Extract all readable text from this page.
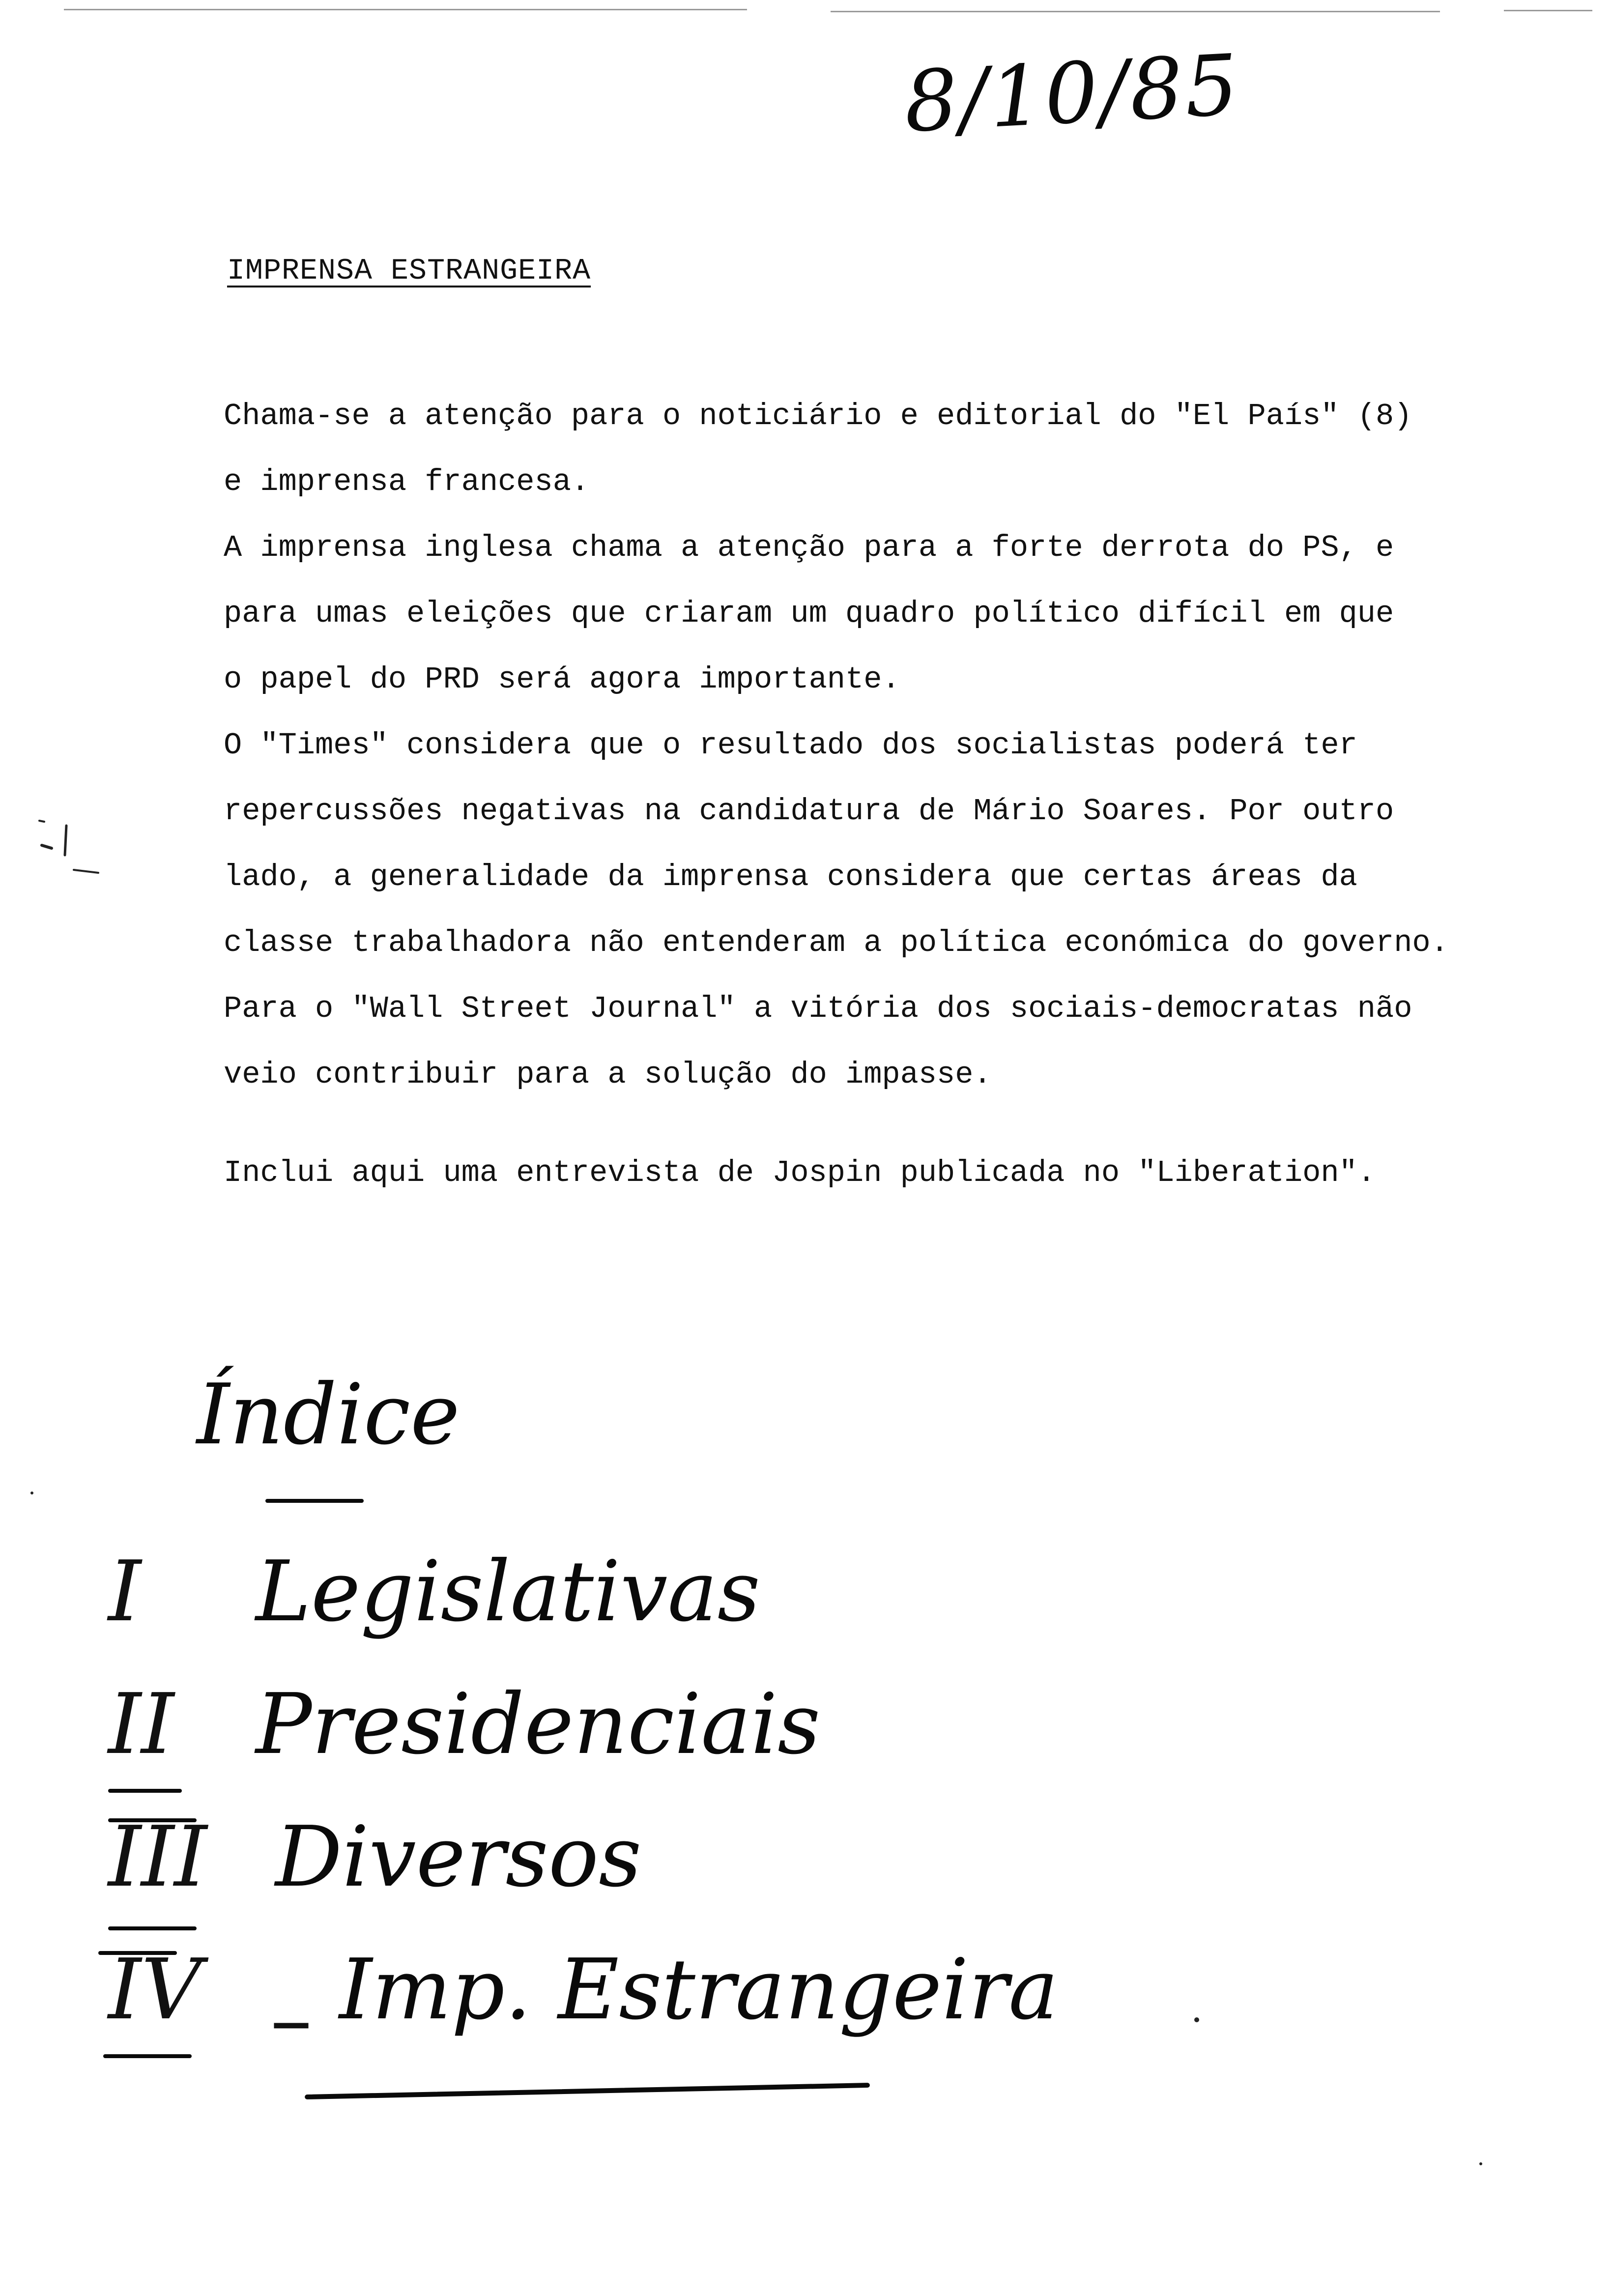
8/10/85
IMPRENSA ESTRANGEIRA

Chama-se a atenção para o noticiário e editorial do "El País" (8)

e imprensa francesa.

A imprensa inglesa chama a atenção para a forte derrota do PS, e

para umas eleições que criaram um quadro político difícil em que

o papel do PRD será agora importante.

O "Times" considera que o resultado dos socialistas poderá ter

repercussões negativas na candidatura de Mário Soares. Por outro

lado, a generalidade da imprensa considera que certas áreas da

classe trabalhadora não entenderam a política económica do governo.

Para o "Wall Street Journal" a vitória dos sociais-democratas não

veio contribuir para a solução do impasse.

Inclui aqui uma entrevista de Jospin publicada no "Liberation".

Índice
I Legislativas
II Presidenciais
III Diversos
IV – Imp. Estrangeira
